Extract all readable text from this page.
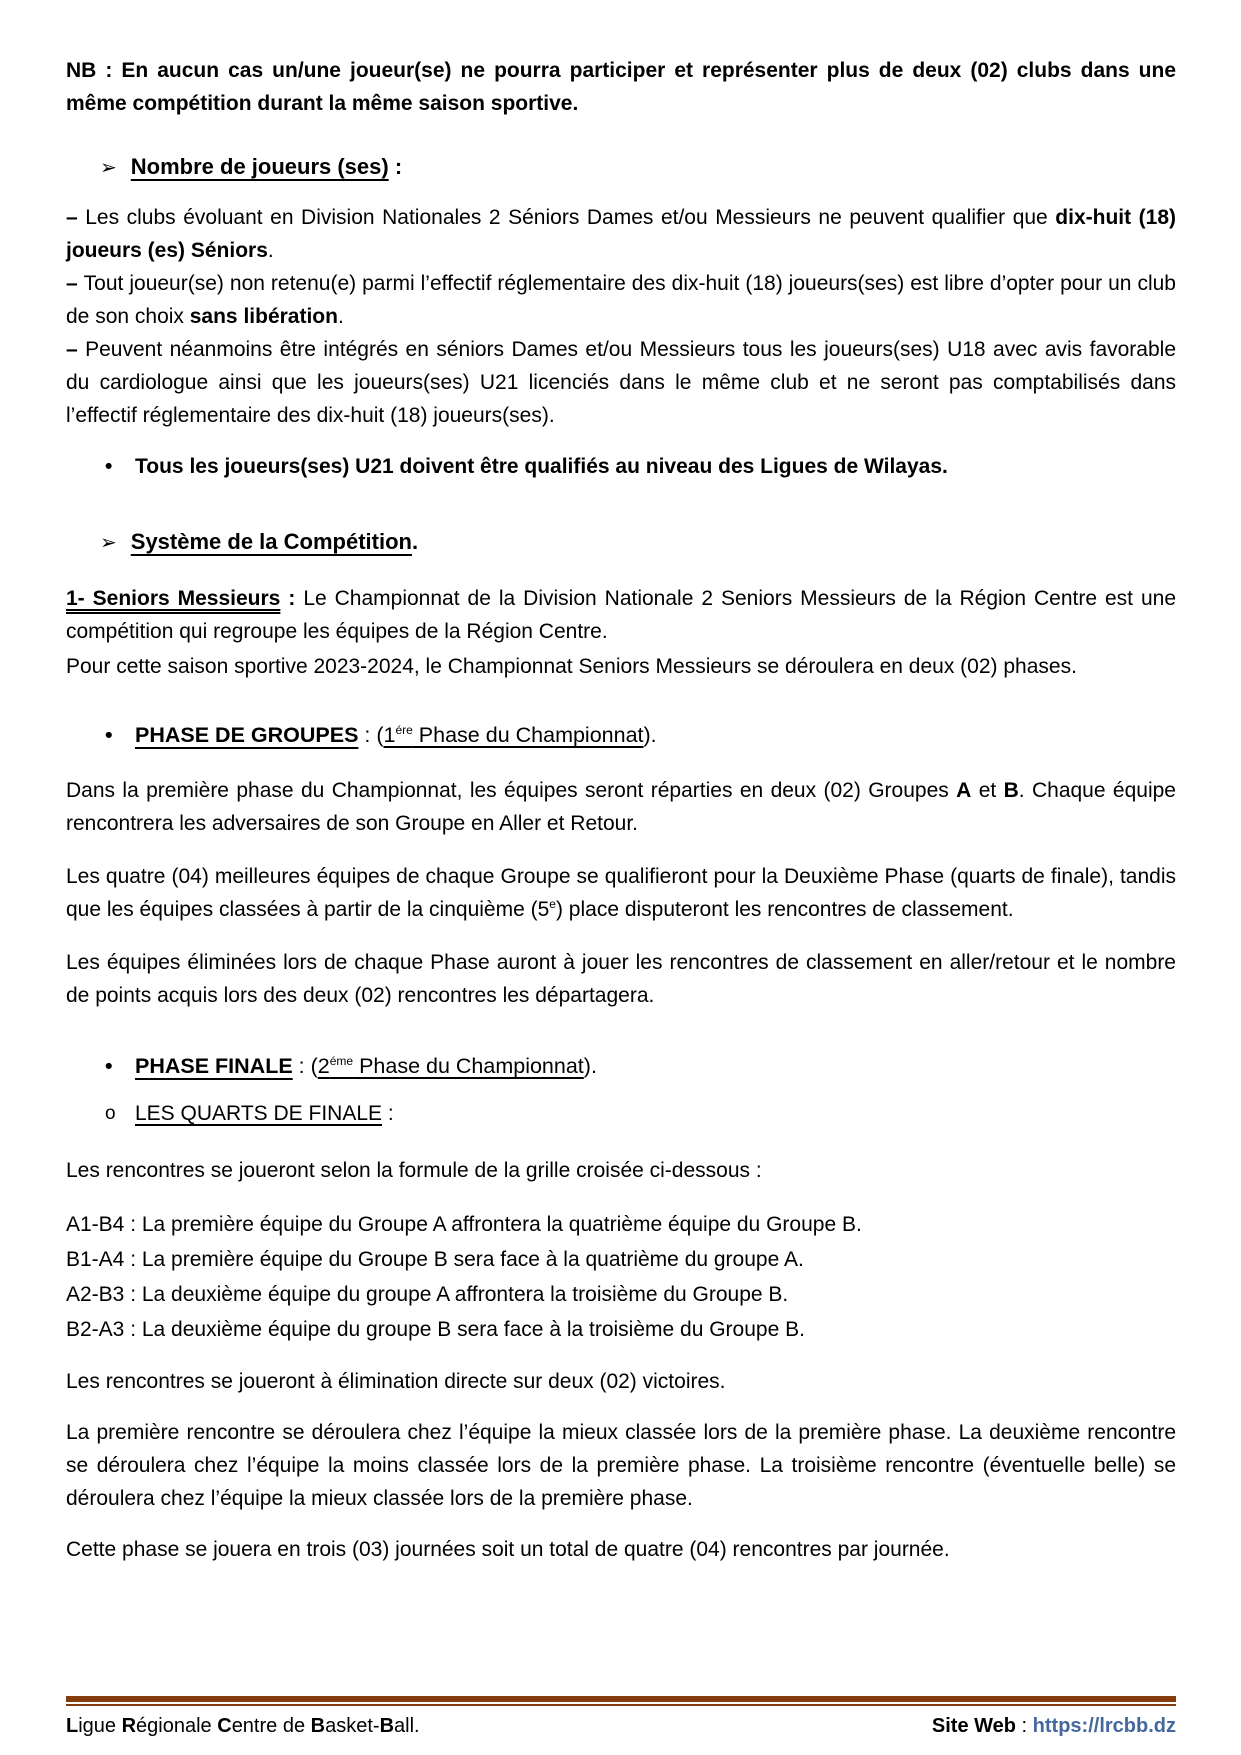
NB : En aucun cas un/une joueur(se) ne pourra participer et représenter plus de deux (02) clubs dans une même compétition durant la même saison sportive.

➢ Nombre de joueurs (ses) :

– Les clubs évoluant en Division Nationales 2 Séniors Dames et/ou Messieurs ne peuvent qualifier que dix-huit (18) joueurs (es) Séniors.
– Tout joueur(se) non retenu(e) parmi l’effectif réglementaire des dix-huit (18) joueurs(ses) est libre d’opter pour un club de son choix sans libération.
– Peuvent néanmoins être intégrés en séniors Dames et/ou Messieurs tous les joueurs(ses) U18 avec avis favorable du cardiologue ainsi que les joueurs(ses) U21 licenciés dans le même club et ne seront pas comptabilisés dans l’effectif réglementaire des dix-huit (18) joueurs(ses).

• Tous les joueurs(ses) U21 doivent être qualifiés au niveau des Ligues de Wilayas.
➢ Système de la Compétition.

1- Seniors Messieurs : Le Championnat de la Division Nationale 2 Seniors Messieurs de la Région Centre est une compétition qui regroupe les équipes de la Région Centre.

Pour cette saison sportive 2023-2024, le Championnat Seniors Messieurs se déroulera en deux (02) phases.

• PHASE DE GROUPES : ($1^{ére}$ Phase du Championnat).

Dans la première phase du Championnat, les équipes seront réparties en deux (02) Groupes A et B. Chaque équipe rencontrera les adversaires de son Groupe en Aller et Retour.

Les quatre (04) meilleures équipes de chaque Groupe se qualifieront pour la Deuxième Phase (quarts de finale), tandis que les équipes classées à partir de la cinquième (5e) place disputeront les rencontres de classement.

Les équipes éliminées lors de chaque Phase auront à jouer les rencontres de classement en aller/retour et le nombre de points acquis lors des deux (02) rencontres les départagera.

• PHASE FINALE : ($2^{éme}$ Phase du Championnat).
o LES QUARTS DE FINALE :

Les rencontres se joueront selon la formule de la grille croisée ci-dessous :

A1-B4 : La première équipe du Groupe A affrontera la quatrième équipe du Groupe B.
B1-A4 : La première équipe du Groupe B sera face à la quatrième du groupe A.
A2-B3 : La deuxième équipe du groupe A affrontera la troisième du Groupe B.
B2-A3 : La deuxième équipe du groupe B sera face à la troisième du Groupe B.

Les rencontres se joueront à élimination directe sur deux (02) victoires.

La première rencontre se déroulera chez l’équipe la mieux classée lors de la première phase. La deuxième rencontre se déroulera chez l’équipe la moins classée lors de la première phase. La troisième rencontre (éventuelle belle) se déroulera chez l’équipe la mieux classée lors de la première phase.

Cette phase se jouera en trois (03) journées soit un total de quatre (04) rencontres par journée.

Ligue Régionale Centre de Basket-Ball.	Site Web : https://lrcbb.dz
